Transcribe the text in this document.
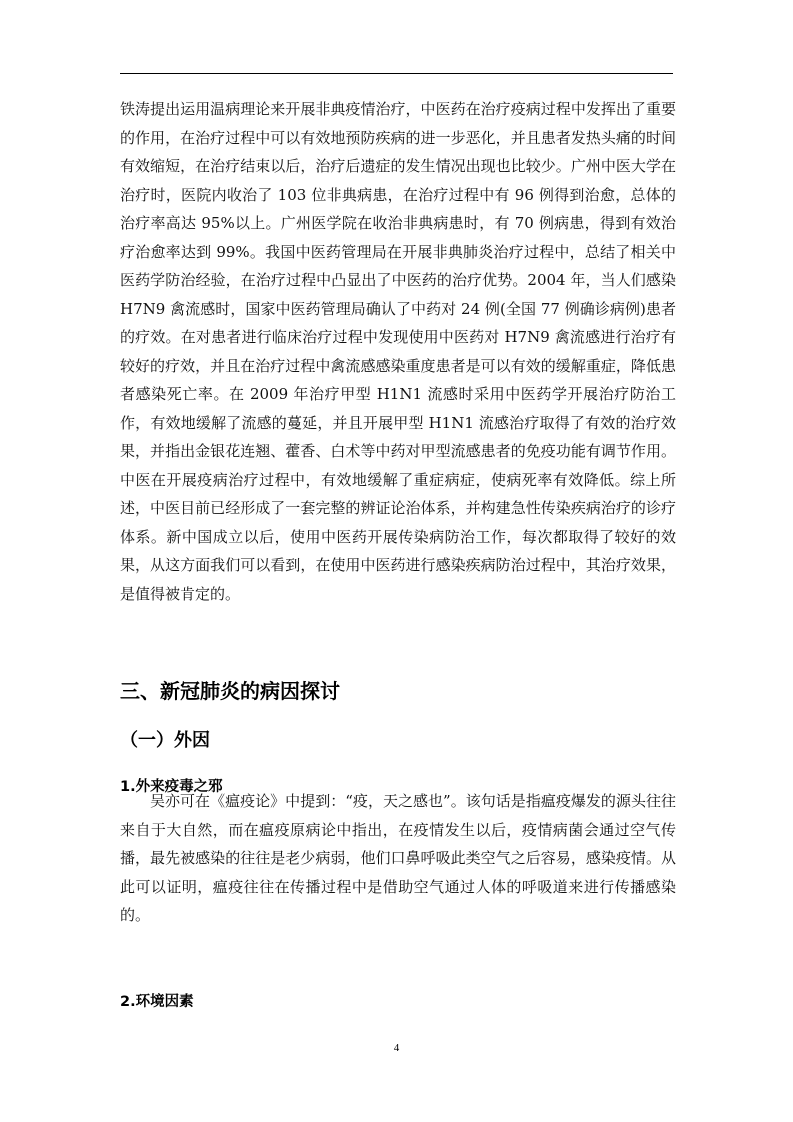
铁涛提出运用温病理论来开展非典疫情治疗，中医药在治疗疫病过程中发挥出了重要的作用，在治疗过程中可以有效地预防疾病的进一步恶化，并且患者发热头痛的时间有效缩短，在治疗结束以后，治疗后遗症的发生情况出现也比较少。广州中医大学在治疗时，医院内收治了 103 位非典病患，在治疗过程中有 96 例得到治愈，总体的治疗率高达 95%以上。广州医学院在收治非典病患时，有 70 例病患，得到有效治疗治愈率达到 99%。我国中医药管理局在开展非典肺炎治疗过程中，总结了相关中医药学防治经验，在治疗过程中凸显出了中医药的治疗优势。2004 年，当人们感染 H7N9 禽流感时，国家中医药管理局确认了中药对 24 例(全国 77 例确诊病例)患者的疗效。在对患者进行临床治疗过程中发现使用中医药对 H7N9 禽流感进行治疗有较好的疗效，并且在治疗过程中禽流感感染重度患者是可以有效的缓解重症，降低患者感染死亡率。在 2009 年治疗甲型 H1N1 流感时采用中医药学开展治疗防治工作，有效地缓解了流感的蔓延，并且开展甲型 H1N1 流感治疗取得了有效的治疗效果，并指出金银花连翘、藿香、白术等中药对甲型流感患者的免疫功能有调节作用。中医在开展疫病治疗过程中，有效地缓解了重症病症，使病死率有效降低。综上所述，中医目前已经形成了一套完整的辨证论治体系，并构建急性传染疾病治疗的诊疗体系。新中国成立以后，使用中医药开展传染病防治工作，每次都取得了较好的效果，从这方面我们可以看到，在使用中医药进行感染疾病防治过程中，其治疗效果，是值得被肯定的。

三、新冠肺炎的病因探讨
（一）外因
1.外来疫毒之邪

吴亦可在《瘟疫论》中提到：“疫，天之感也”。该句话是指瘟疫爆发的源头往往来自于大自然，而在瘟疫原病论中指出，在疫情发生以后，疫情病菌会通过空气传播，最先被感染的往往是老少病弱，他们口鼻呼吸此类空气之后容易，感染疫情。从此可以证明，瘟疫往往在传播过程中是借助空气通过人体的呼吸道来进行传播感染的。

2.环境因素
4
